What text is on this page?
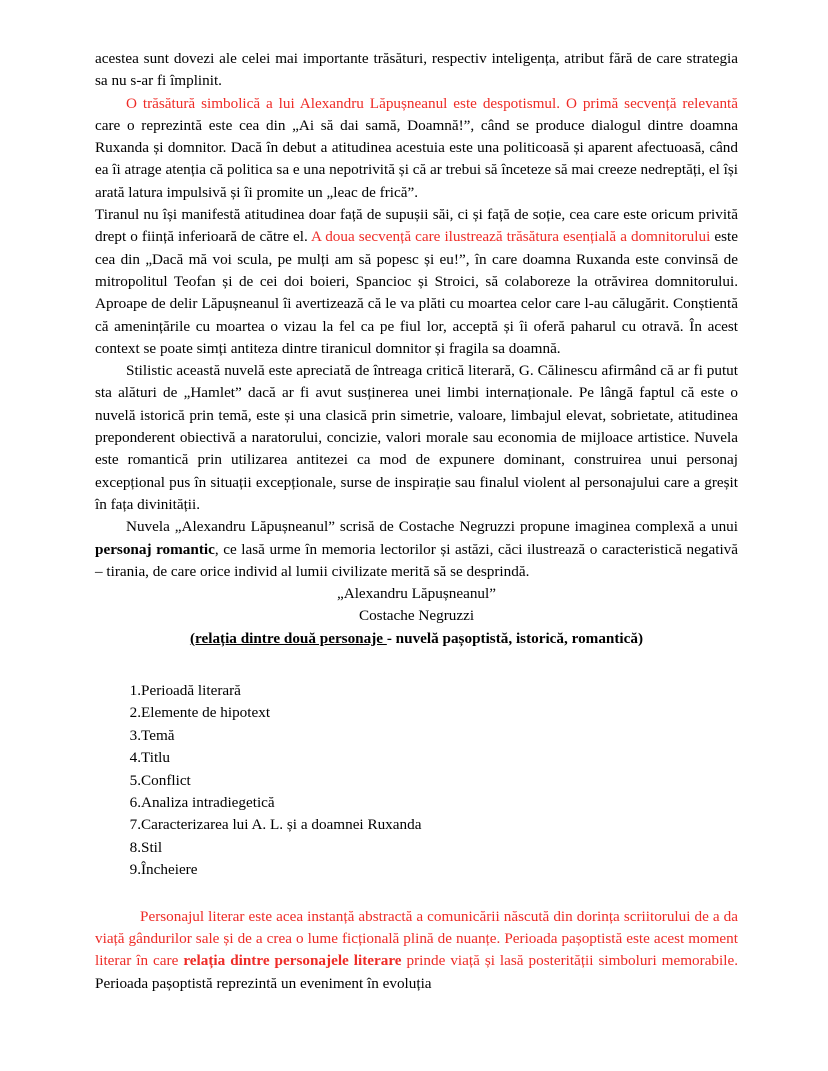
acestea sunt dovezi ale celei mai importante trăsături, respectiv inteligența, atribut fără de care strategia sa nu s-ar fi împlinit.

O trăsătură simbolică a lui Alexandru Lăpușneanul este despotismul. O primă secvență relevantă care o reprezintă este cea din „Ai să dai samă, Doamnă!”, când se produce dialogul dintre doamna Ruxanda și domnitor. Dacă în debut a atitudinea acestuia este una politicoasă și aparent afectuoasă, când ea îi atrage atenția că politica sa e una nepotrivită și că ar trebui să înceteze să mai creeze nedreptăți, el își arată latura impulsivă și îi promite un „leac de frică”.

Tiranul nu își manifestă atitudinea doar față de supușii săi, ci și față de soție, cea care este oricum privită drept o ființă inferioară de către el. A doua secvență care ilustrează trăsătura esențială a domnitorului este cea din „Dacă mă voi scula, pe mulți am să popesc și eu!”, în care doamna Ruxanda este convinsă de mitropolitul Teofan și de cei doi boieri, Spancioc și Stroici, să colaboreze la otrăvirea domnitorului. Aproape de delir Lăpușneanul îi avertizează că le va plăti cu moartea celor care l-au călugărit. Conștientă că amenințările cu moartea o vizau la fel ca pe fiul lor, acceptă și îi oferă paharul cu otravă. În acest context se poate simți antiteza dintre tiranicul domnitor și fragila sa doamnă.

Stilistic această nuvelă este apreciată de întreaga critică literară, G. Călinescu afirmând că ar fi putut sta alături de „Hamlet” dacă ar fi avut susținerea unei limbi internaționale. Pe lângă faptul că este o nuvelă istorică prin temă, este și una clasică prin simetrie, valoare, limbajul elevat, sobrietate, atitudinea preponderent obiectivă a naratorului, concizie, valori morale sau economia de mijloace artistice. Nuvela este romantică prin utilizarea antitezei ca mod de expunere dominant, construirea unui personaj excepțional pus în situații excepționale, surse de inspirație sau finalul violent al personajului care a greșit în fața divinității.

Nuvela „Alexandru Lăpușneanul” scrisă de Costache Negruzzi propune imaginea complexă a unui personaj romantic, ce lasă urme în memoria lectorilor și astăzi, căci ilustrează o caracteristică negativă – tirania, de care orice individ al lumii civilizate merită să se desprindă.

„Alexandru Lăpușneanul”

Costache Negruzzi

(relația dintre două personaje - nuvelă pașoptistă, istorică, romantică)

1. Perioadă literară
2. Elemente de hipotext
3. Temă
4. Titlu
5. Conflict
6. Analiza intradiegetică
7. Caracterizarea lui A. L. și a doamnei Ruxanda
8. Stil
9. Încheiere

Personajul literar este acea instanță abstractă a comunicării născută din dorința scriitorului de a da viață gândurilor sale și de a crea o lume ficțională plină de nuanțe. Perioada pașoptistă este acest moment literar în care relația dintre personajele literare prinde viață și lasă posterității simboluri memorabile. Perioada pașoptistă reprezintă un eveniment în evoluția
